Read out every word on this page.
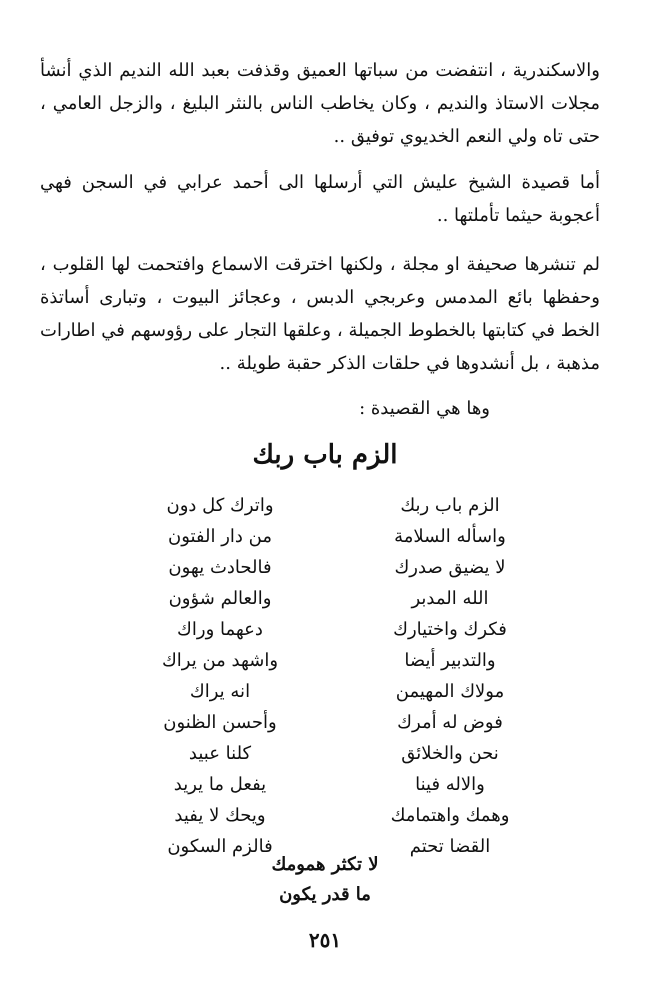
والاسكندرية ، انتفضت من سباتها العميق وقذفت بعبد الله النديم الذي أنشأ مجلات الاستاذ والنديم ، وكان يخاطب الناس بالنثر البليغ ، والزجل العامي ، حتى تاه ولي النعم الخديوي توفيق ..

أما قصيدة الشيخ عليش التي أرسلها الى أحمد عرابي في السجن فهي أعجوبة حيثما تأملتها ..

لم تنشرها صحيفة او مجلة ، ولكنها اخترقت الاسماع وافتحمت لها القلوب ، وحفظها بائع المدمس وعربجي الدبس ، وعجائز البيوت ، وتبارى أساتذة الخط في كتابتها بالخطوط الجميلة ، وعلقها التجار على رؤوسهم في اطارات مذهبة ، بل أنشدوها في حلقات الذكر حقبة طويلة ..

وها هي القصيدة :
الزم باب ربك
الزم باب ربك
واترك كل دون
واسأله السلامة
من دار الفتون
لا يضيق صدرك
فالحادث يهون
الله المدبر
والعالم شؤون
فكرك واختيارك
دعهما وراك
والتدبير أيضا
واشهد من يراك
مولاك المهيمن
انه يراك
فوض له أمرك
وأحسن الظنون
نحن والخلائق
كلنا عبيد
والاله فينا
يفعل ما يريد
وهمك واهتمامك
ويحك لا يفيد
القضا تحتم
فالزم السكون
لا تكثر همومك
ما قدر يكون
٢٥١
